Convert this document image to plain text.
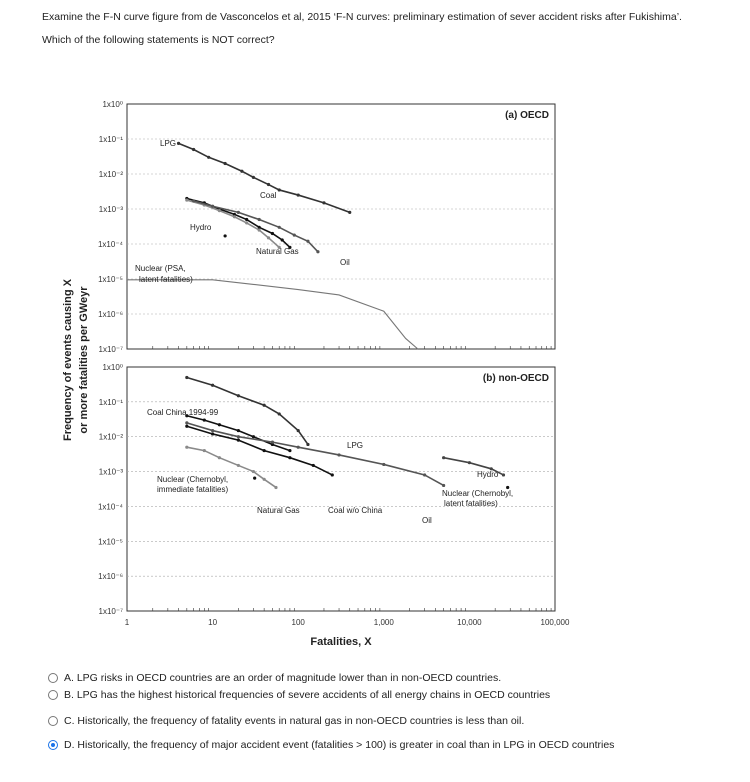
Examine the F-N curve figure from de Vasconcelos et al, 2015 ‘F-N curves: preliminary estimation of sever accident risks after Fukishima’.
Which of the following statements is NOT correct?
1x10⁰
1x10⁻¹
1x10⁻²
1x10⁻³
1x10⁻⁴
1x10⁻⁵
1x10⁻⁶
1x10⁻⁷
(a) OECD
LPG
Coal
Hydro
Natural Gas
Oil
Nuclear (PSA,
latent fatalities)
1x10⁰
1x10⁻¹
1x10⁻²
1x10⁻³
1x10⁻⁴
1x10⁻⁵
1x10⁻⁶
1x10⁻⁷
(b) non-OECD
Coal China 1994-99
LPG
Nuclear (Chernobyl,
immediate fatalities)
Natural Gas	Coal w/o China
Oil
Hydro
Nuclear (Chernobyl,
latent fatalities)
1	10	100	1,000	10,000	100,000
Fatalities, X
Frequency of events causing X or more fatalities per GWeyr
A. LPG risks in OECD countries are an order of magnitude lower than in non-OECD countries.
B. LPG has the highest historical frequencies of severe accidents of all energy chains in OECD countries
C. Historically, the frequency of fatality events in natural gas in non-OECD countries is less than oil.
D. Historically, the frequency of major accident event (fatalities > 100) is greater in coal than in LPG in OECD countries
